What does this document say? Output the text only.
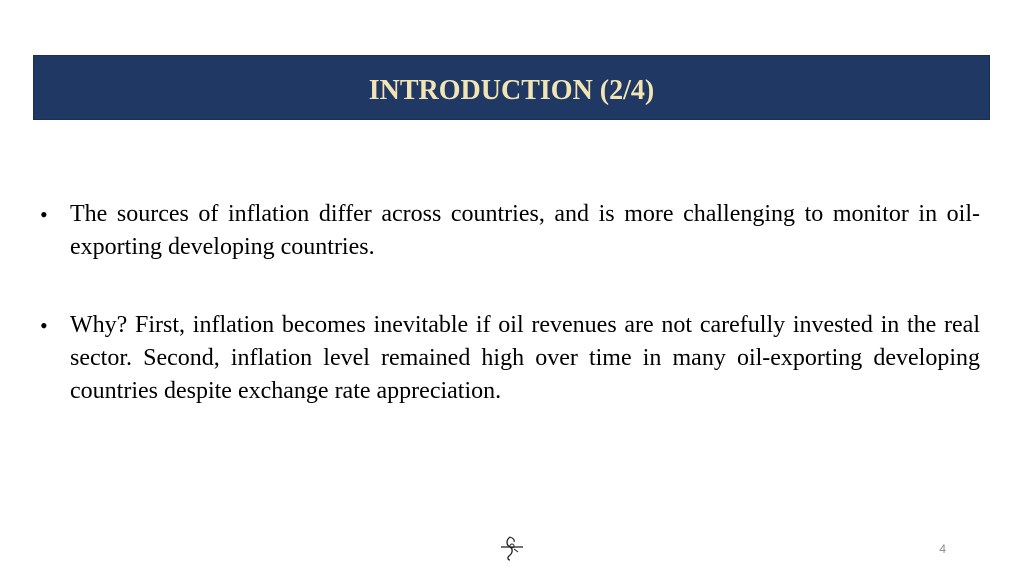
INTRODUCTION (2/4)
• The sources of inflation differ across countries, and is more challenging to monitor in oil-exporting developing countries.
• Why? First, inflation becomes inevitable if oil revenues are not carefully invested in the real sector. Second, inflation level remained high over time in many oil-exporting developing countries despite exchange rate appreciation.
4
